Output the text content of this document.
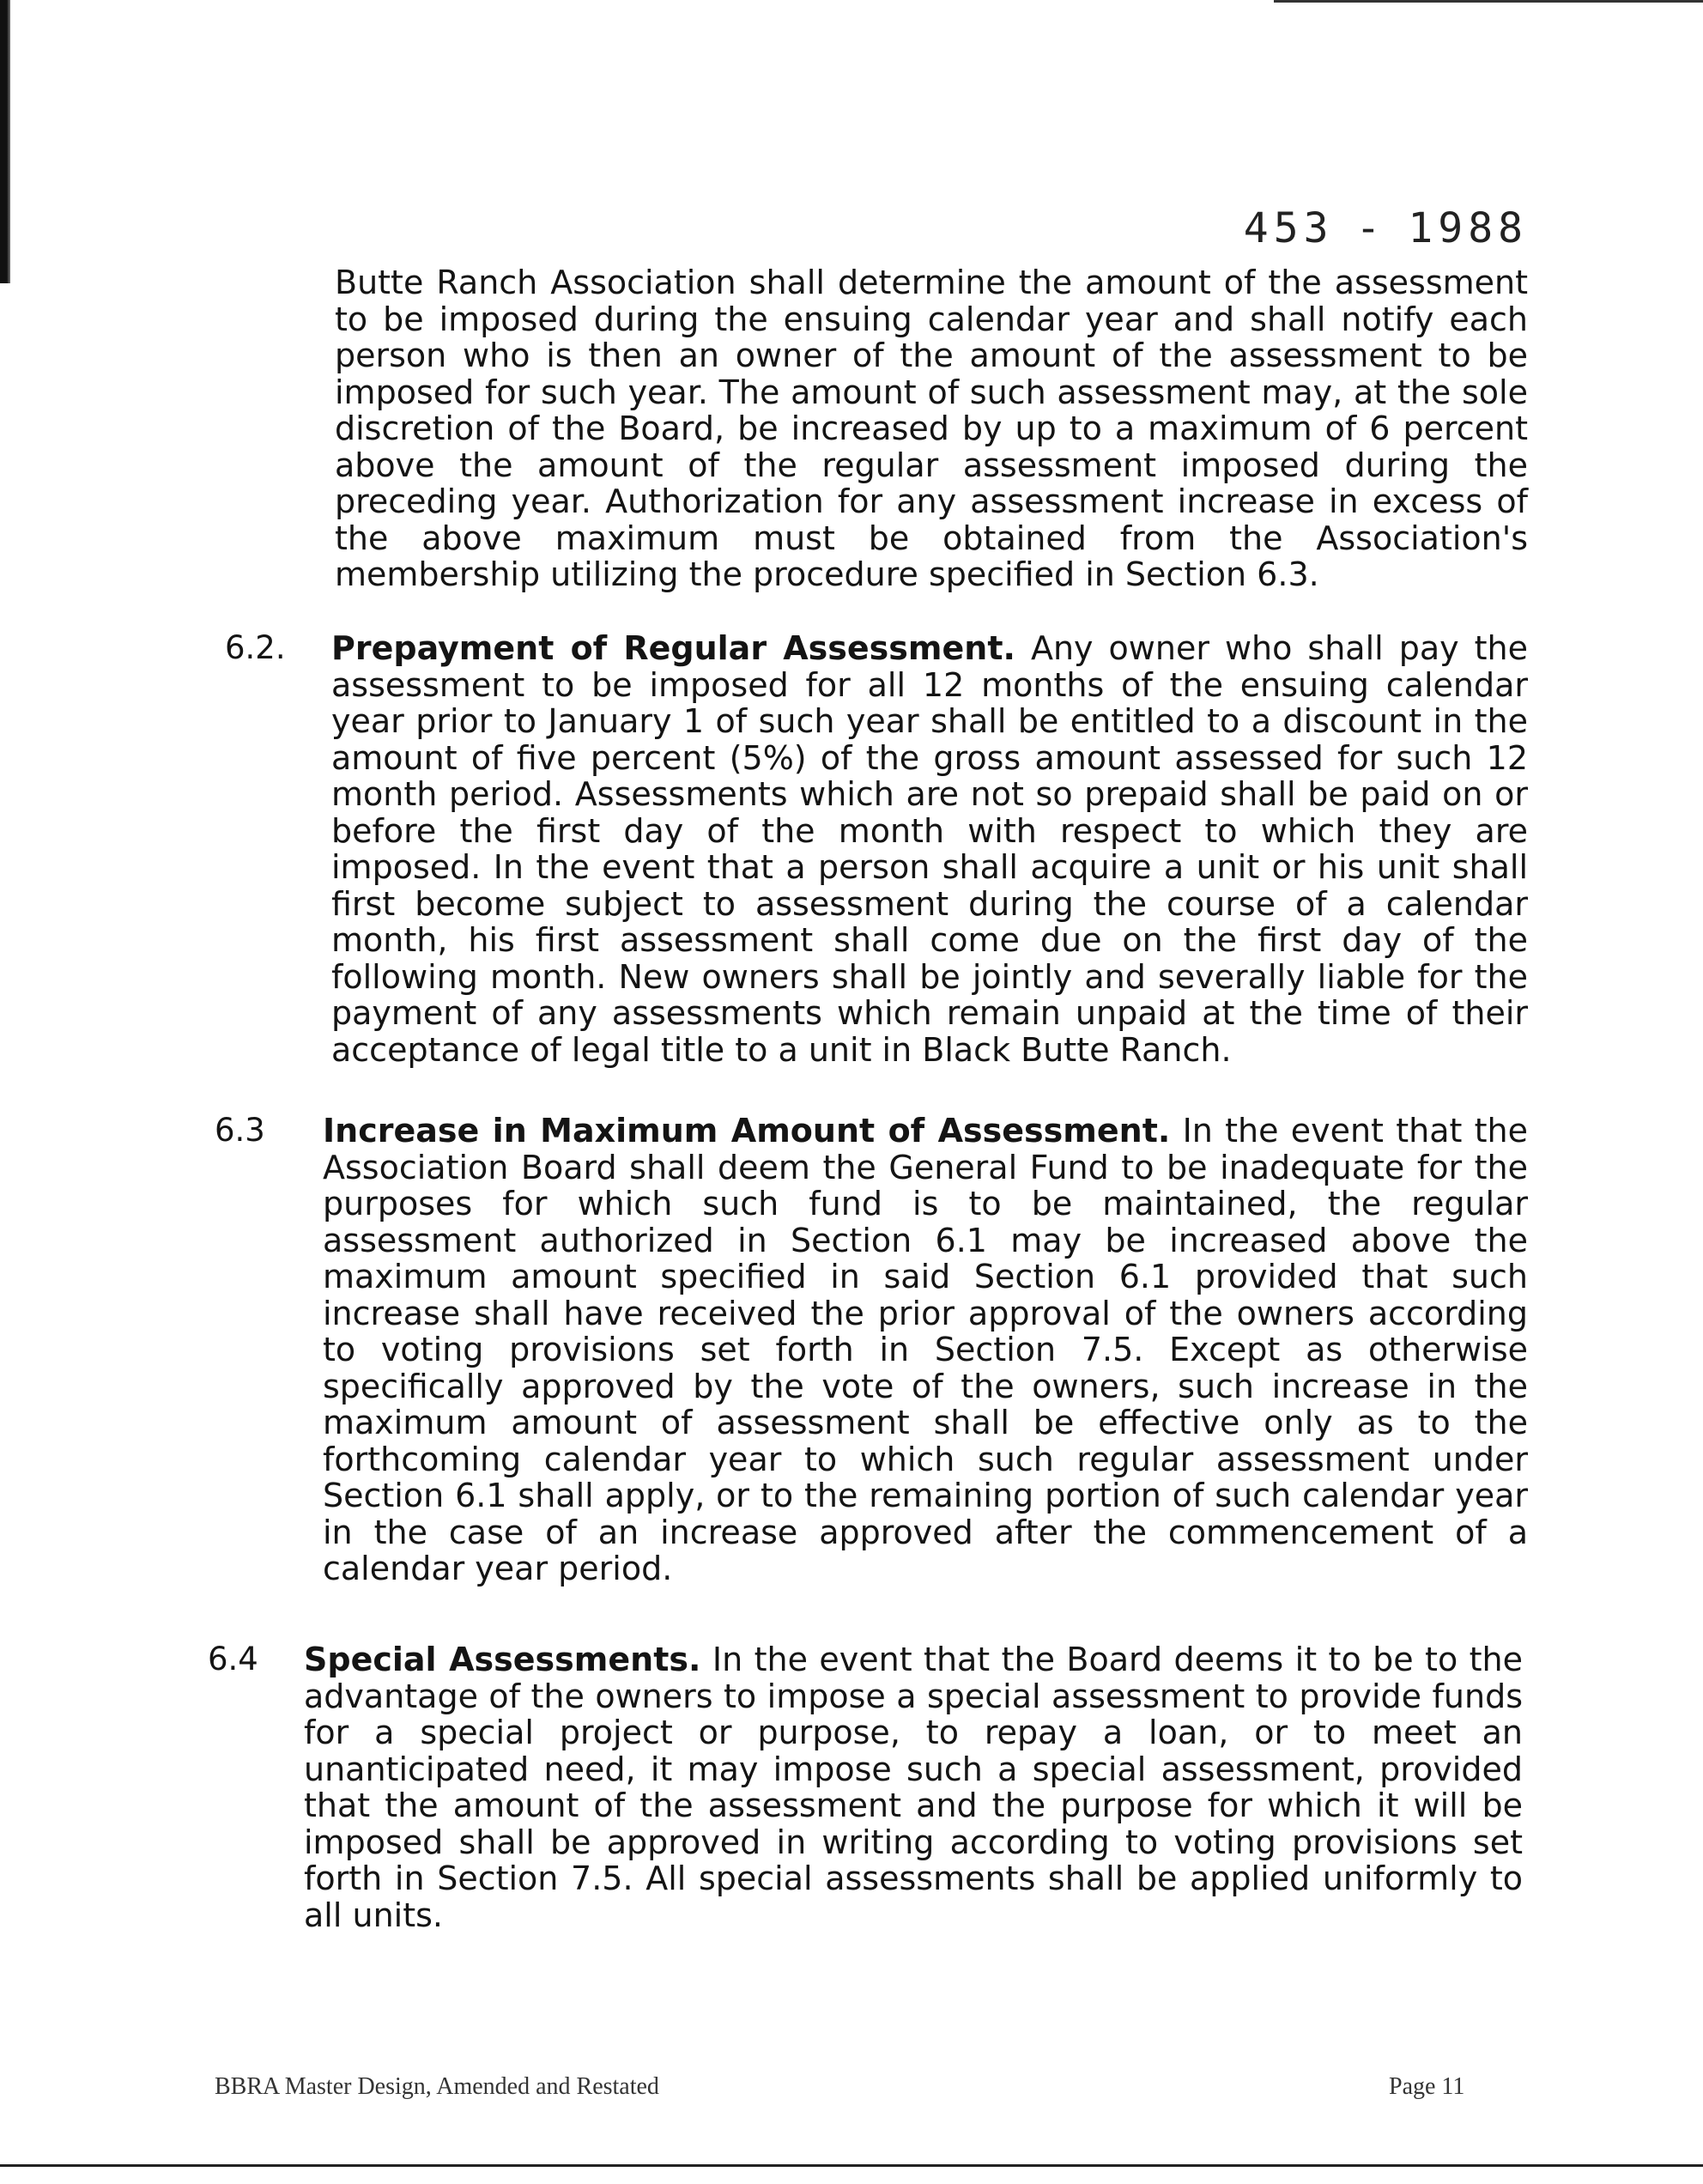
453 - 1988

Butte Ranch Association shall determine the amount of the assessment to be imposed during the ensuing calendar year and shall notify each person who is then an owner of the amount of the assessment to be imposed for such year. The amount of such assessment may, at the sole discretion of the Board, be increased by up to a maximum of 6 percent above the amount of the regular assessment imposed during the preceding year. Authorization for any assessment increase in excess of the above maximum must be obtained from the Association's membership utilizing the procedure specified in Section 6.3.

6.2. Prepayment of Regular Assessment. Any owner who shall pay the assessment to be imposed for all 12 months of the ensuing calendar year prior to January 1 of such year shall be entitled to a discount in the amount of five percent (5%) of the gross amount assessed for such 12 month period. Assessments which are not so prepaid shall be paid on or before the first day of the month with respect to which they are imposed. In the event that a person shall acquire a unit or his unit shall first become subject to assessment during the course of a calendar month, his first assessment shall come due on the first day of the following month. New owners shall be jointly and severally liable for the payment of any assessments which remain unpaid at the time of their acceptance of legal title to a unit in Black Butte Ranch.
6.3 Increase in Maximum Amount of Assessment. In the event that the Association Board shall deem the General Fund to be inadequate for the purposes for which such fund is to be maintained, the regular assessment authorized in Section 6.1 may be increased above the maximum amount specified in said Section 6.1 provided that such increase shall have received the prior approval of the owners according to voting provisions set forth in Section 7.5. Except as otherwise specifically approved by the vote of the owners, such increase in the maximum amount of assessment shall be effective only as to the forthcoming calendar year to which such regular assessment under Section 6.1 shall apply, or to the remaining portion of such calendar year in the case of an increase approved after the commencement of a calendar year period.
6.4 Special Assessments. In the event that the Board deems it to be to the advantage of the owners to impose a special assessment to provide funds for a special project or purpose, to repay a loan, or to meet an unanticipated need, it may impose such a special assessment, provided that the amount of the assessment and the purpose for which it will be imposed shall be approved in writing according to voting provisions set forth in Section 7.5. All special assessments shall be applied uniformly to all units.
BBRA Master Design, Amended and Restated	Page 11
